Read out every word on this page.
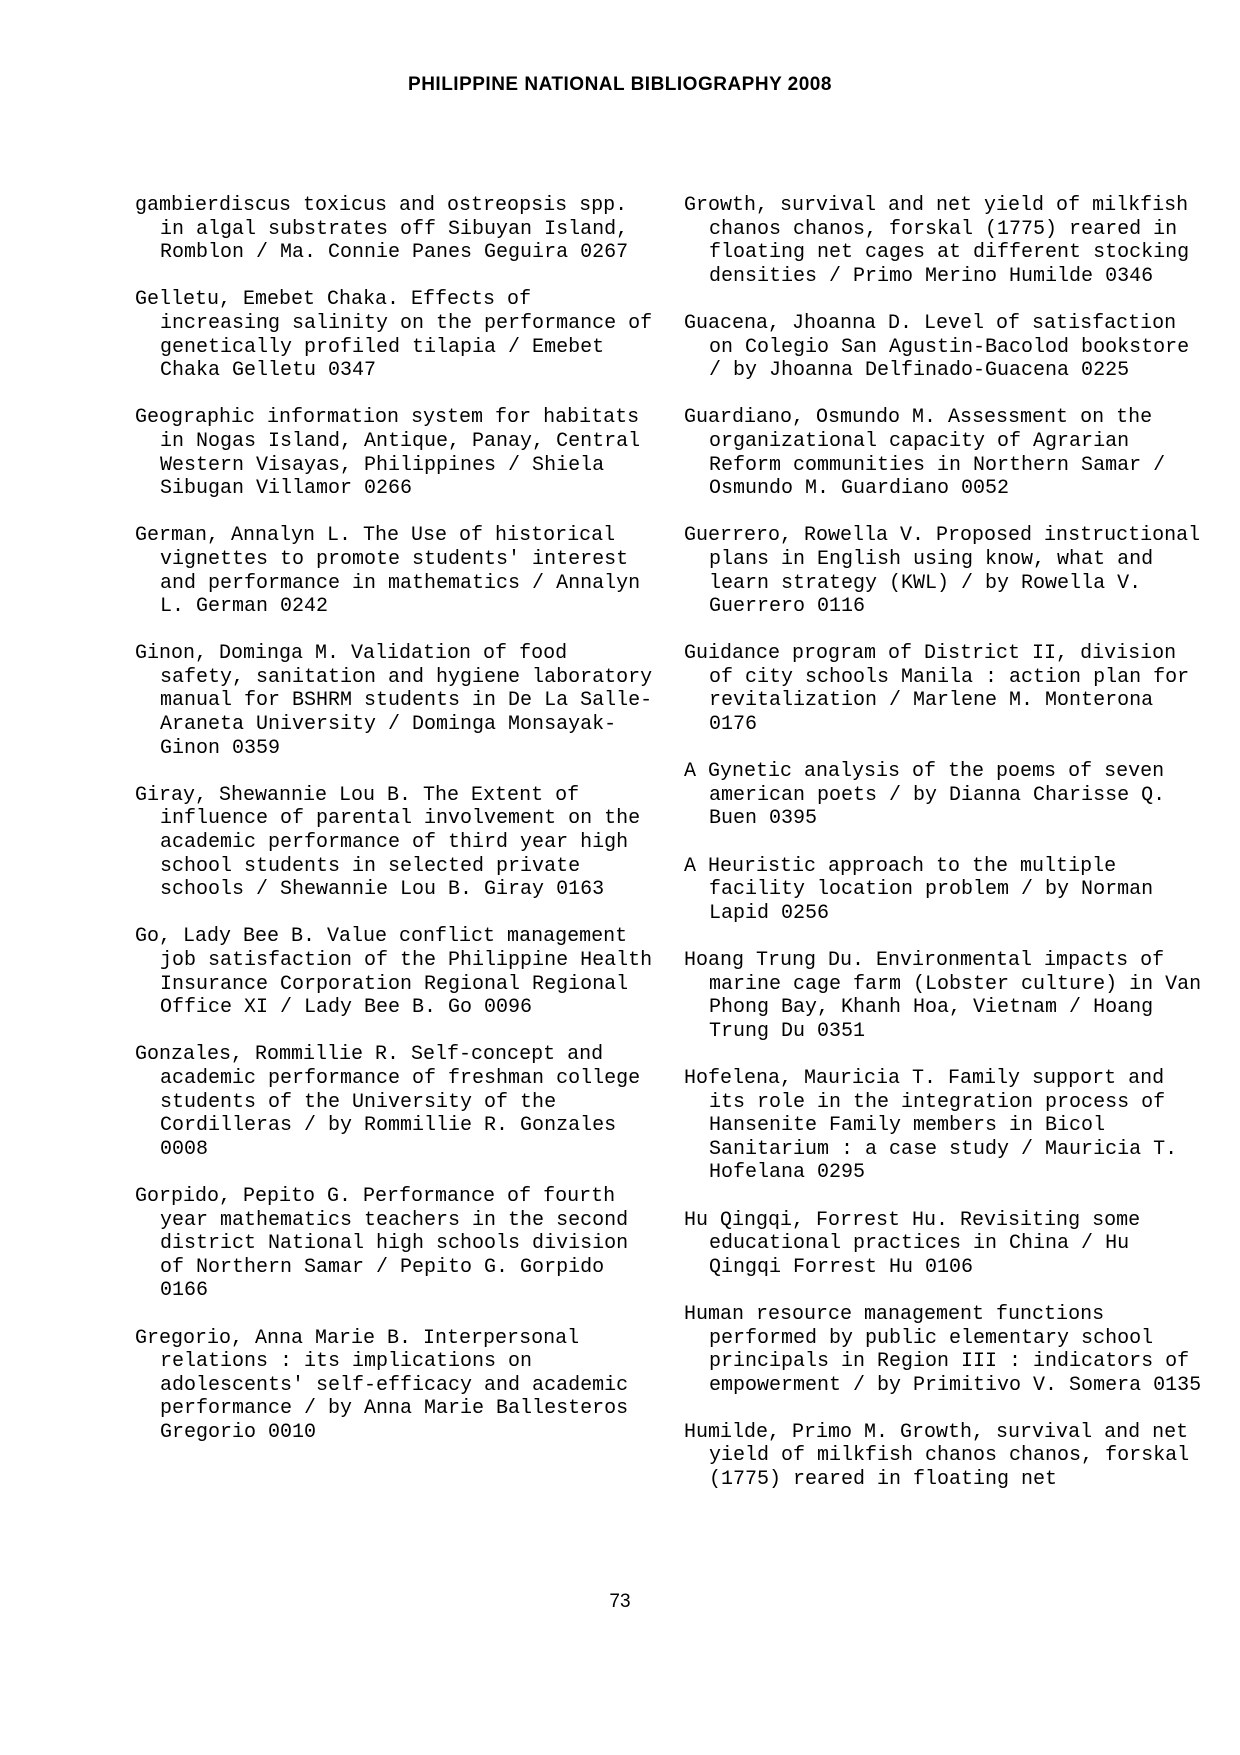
PHILIPPINE NATIONAL BIBLIOGRAPHY 2008

gambierdiscus toxicus and ostreopsis spp. in algal substrates off Sibuyan Island, Romblon / Ma. Connie Panes Geguira 0267

Gelletu, Emebet Chaka. Effects of increasing salinity on the performance of genetically profiled tilapia / Emebet Chaka Gelletu 0347

Geographic information system for habitats in Nogas Island, Antique, Panay, Central Western Visayas, Philippines / Shiela Sibugan Villamor 0266

German, Annalyn L. The Use of historical vignettes to promote students' interest and performance in mathematics / Annalyn L. German 0242

Ginon, Dominga M. Validation of food safety, sanitation and hygiene laboratory manual for BSHRM students in De La Salle-Araneta University / Dominga Monsayak-Ginon 0359

Giray, Shewannie Lou B. The Extent of influence of parental involvement on the academic performance of third year high school students in selected private schools / Shewannie Lou B. Giray 0163

Go, Lady Bee B. Value conflict management job satisfaction of the Philippine Health Insurance Corporation Regional Regional Office XI / Lady Bee B. Go 0096

Gonzales, Rommillie R. Self-concept and academic performance of freshman college students of the University of the Cordilleras / by Rommillie R. Gonzales 0008

Gorpido, Pepito G. Performance of fourth year mathematics teachers in the second district National high schools division of Northern Samar / Pepito G. Gorpido 0166

Gregorio, Anna Marie B. Interpersonal relations : its implications on adolescents' self-efficacy and academic performance / by Anna Marie Ballesteros Gregorio 0010

Growth, survival and net yield of milkfish chanos chanos, forskal (1775) reared in floating net cages at different stocking densities / Primo Merino Humilde 0346

Guacena, Jhoanna D. Level of satisfaction on Colegio San Agustin-Bacolod bookstore / by Jhoanna Delfinado-Guacena 0225

Guardiano, Osmundo M. Assessment on the organizational capacity of Agrarian Reform communities in Northern Samar / Osmundo M. Guardiano 0052

Guerrero, Rowella V. Proposed instructional plans in English using know, what and learn strategy (KWL) / by Rowella V. Guerrero 0116

Guidance program of District II, division of city schools Manila : action plan for revitalization / Marlene M. Monterona 0176

A Gynetic analysis of the poems of seven american poets / by Dianna Charisse Q. Buen 0395

A Heuristic approach to the multiple facility location problem / by Norman Lapid 0256

Hoang Trung Du. Environmental impacts of marine cage farm (Lobster culture) in Van Phong Bay, Khanh Hoa, Vietnam / Hoang Trung Du 0351

Hofelena, Mauricia T. Family support and its role in the integration process of Hansenite Family members in Bicol Sanitarium : a case study / Mauricia T. Hofelana 0295

Hu Qingqi, Forrest Hu. Revisiting some educational practices in China / Hu Qingqi Forrest Hu 0106

Human resource management functions performed by public elementary school principals in Region III : indicators of empowerment / by Primitivo V. Somera 0135

Humilde, Primo M. Growth, survival and net yield of milkfish chanos chanos, forskal (1775) reared in floating net

73
